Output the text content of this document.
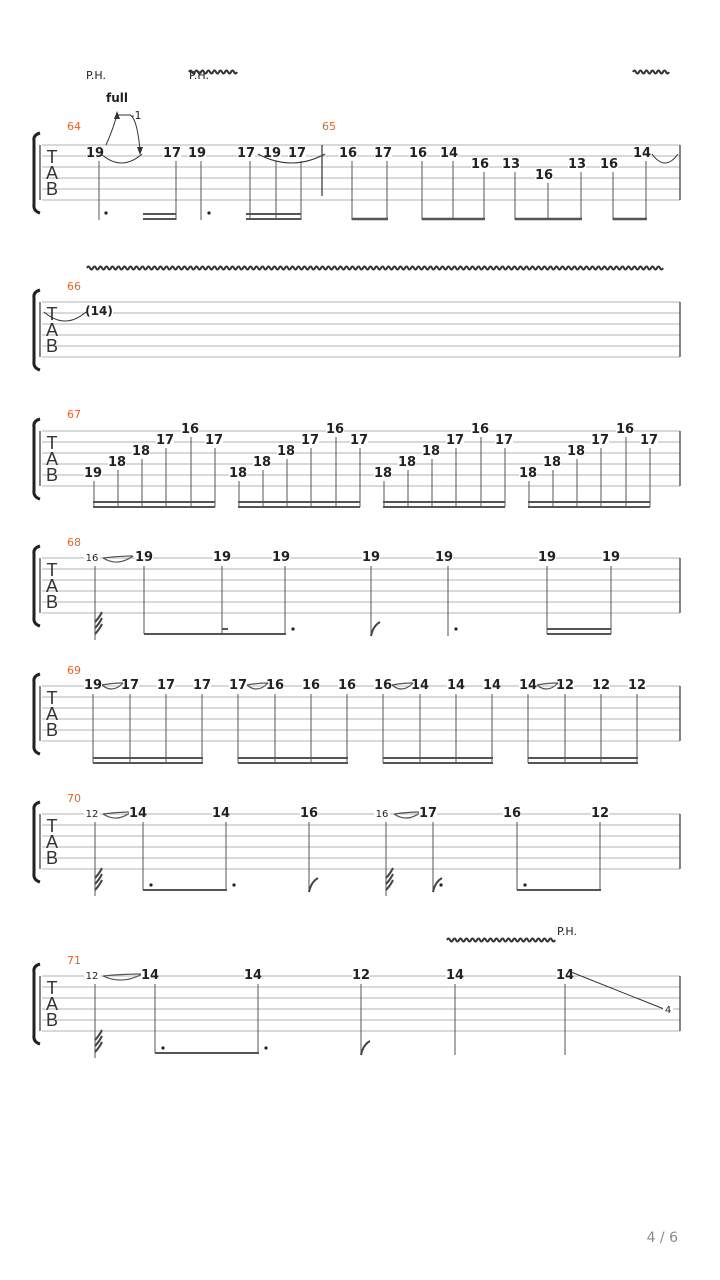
T
A
B
64	65
P.H.	P.H.
full
-1
19	17 19 17 19 17	16 17 16 14
16 13
16
13 16
14
T
A
B
66
(14)
T
A
B
67
19
18
18
17
16
17
18
18
18
17
16
17
18
18
18
17
16
17
18
18
18
17
16
17
T
A
B
68
16	19	19	19	19	19	19	19
T
A
B
69
19 17 17 17 17 16 16 16 16 14 14 14 14 12 12 12
T
A
B
70
12	16
14	14	16	17	16	12
T
A
B
71
P.H.
12	14	14	12	14	14
4
4 / 6
